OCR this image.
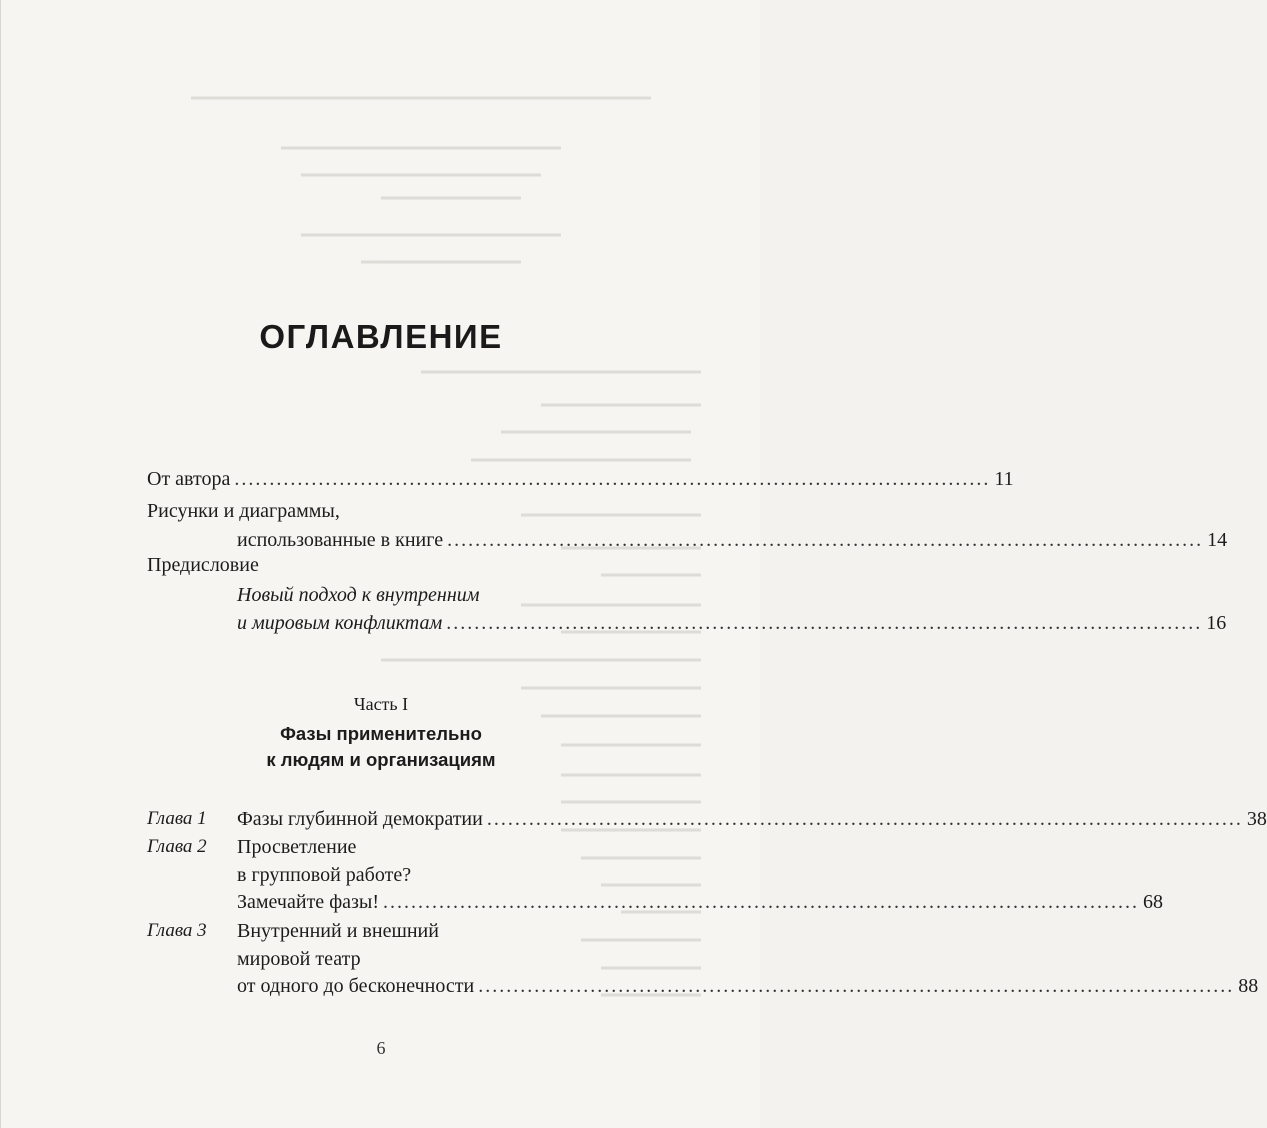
ОГЛАВЛЕНИЕ
От автора ............................................................................................................ 11
Рисунки и диаграммы,
использованные в книге ............................................................................................................ 14
Предисловие
Новый подход к внутренним
и мировым конфликтам ............................................................................................................ 16
Часть I
Фазы применительно
к людям и организациям
Глава 1 Фазы глубинной демократии ............................................................................................................ 38
Глава 2 Просветление
в групповой работе?
Замечайте фазы! ............................................................................................................ 68
Глава 3 Внутренний и внешний
мировой театр
от одного до бесконечности ............................................................................................................ 88
6
